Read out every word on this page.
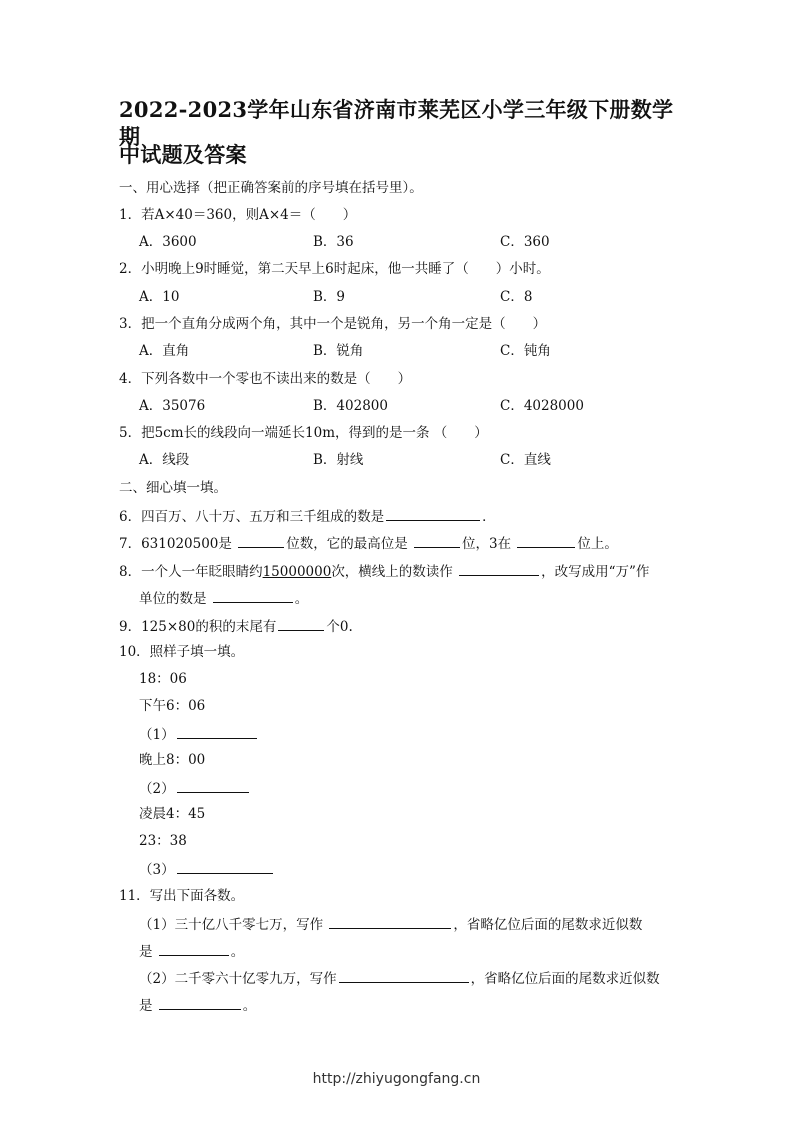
2022-2023学年山东省济南市莱芜区小学三年级下册数学期
中试题及答案
一、用心选择（把正确答案前的序号填在括号里）。
1．若A×40＝360，则A×4＝（　　）
A．3600	B．36	C．360
2．小明晚上9时睡觉，第二天早上6时起床，他一共睡了（　　）小时。
A．10	B．9	C．8
3．把一个直角分成两个角，其中一个是锐角，另一个角一定是（　　）
A．直角	B．锐角	C．钝角
4．下列各数中一个零也不读出来的数是（　　）
A．35076	B．402800	C．4028000
5．把5cm长的线段向一端延长10m，得到的是一条 （　　）
A．线段	B．射线	C．直线
二、细心填一填。
6．四百万、八十万、五万和三千组成的数是	．
7．631020500是	位数，它的最高位是	位，3在	位上。
8．一个人一年眨眼睛约15000000次，横线上的数读作	，改写成用“万”作
单位的数是	。
9．125×80的积的末尾有	个0.
10．照样子填一填。
18：06
下午6：06
（1）
晚上8：00
（2）
凌晨4：45
23：38
（3）
11．写出下面各数。
（1）三十亿八千零七万，写作	，省略亿位后面的尾数求近似数
是	。
（2）二千零六十亿零九万，写作	，省略亿位后面的尾数求近似数
是	。
http://zhiyugongfang.cn
